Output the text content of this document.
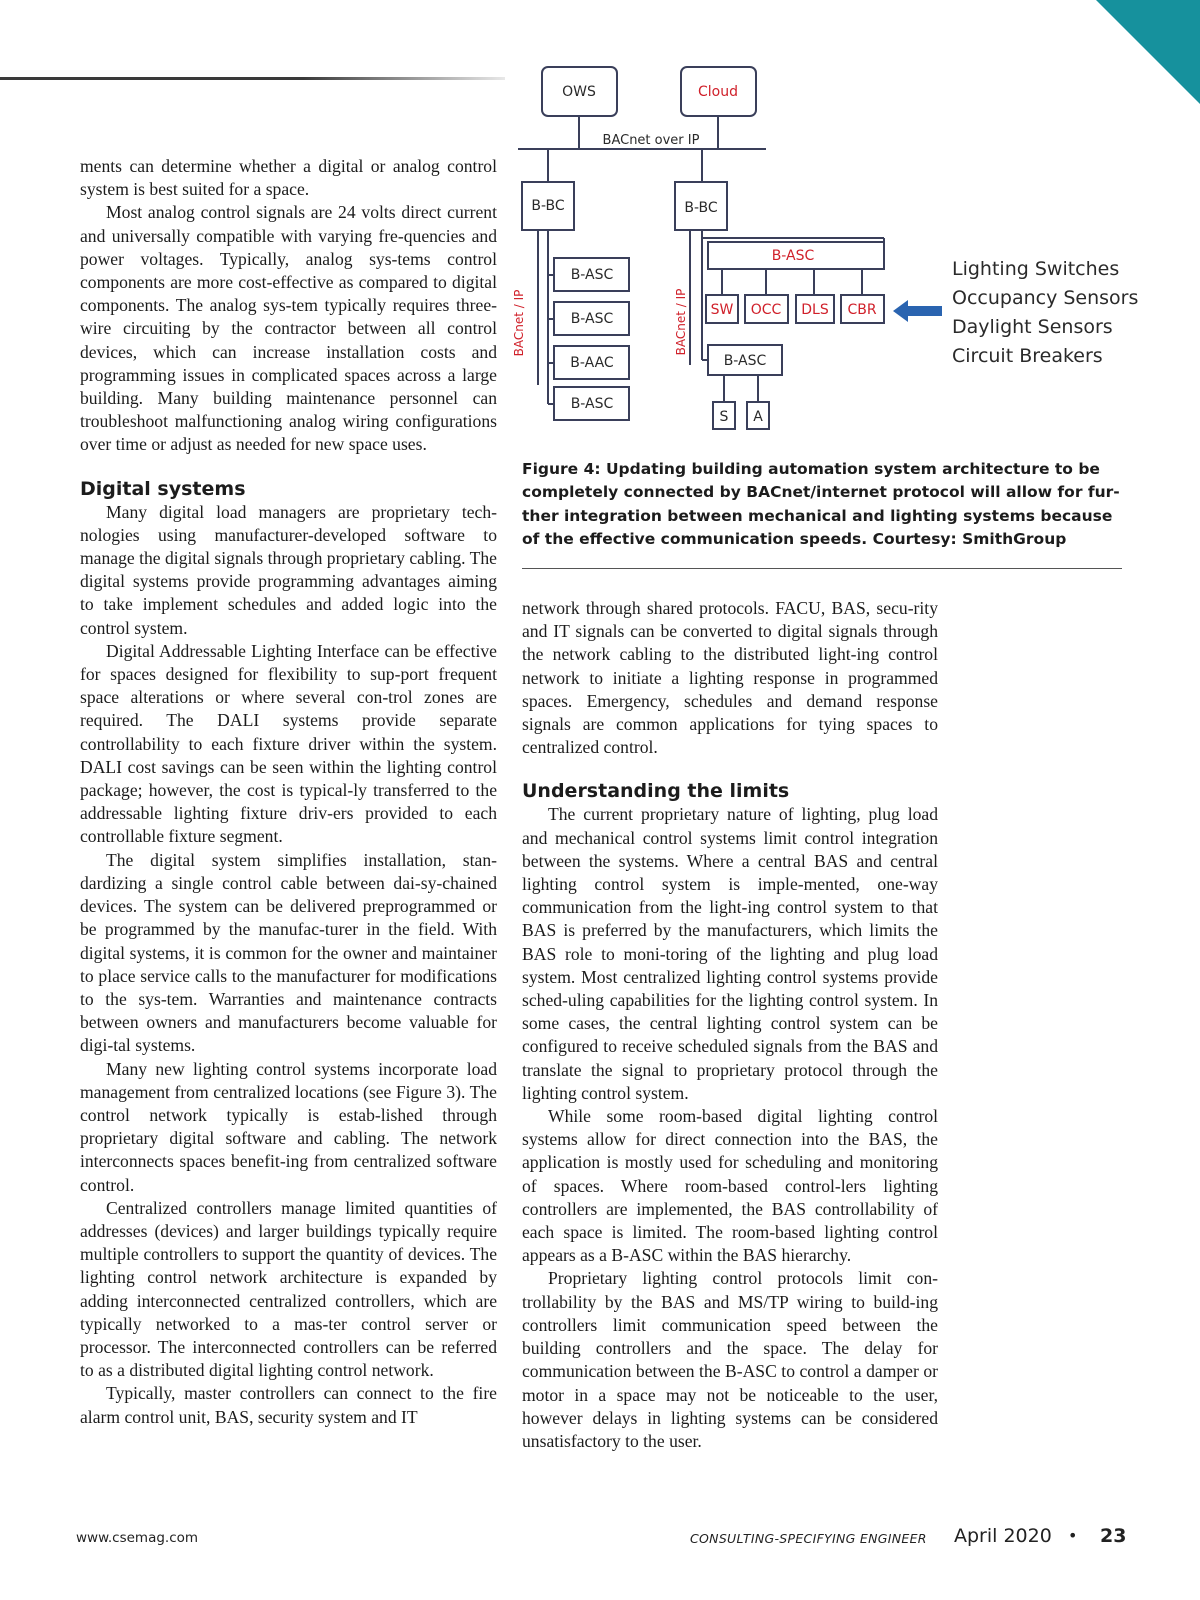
OWS	Cloud
BACnet over IP
B-BC	B-BC
B-ASC
B-ASC
B-AAC
B-ASC
B-ASC
SW OCC DLS CBR
B-ASC
S A
BACnet / IP	BACnet / IP
Lighting Switches
Occupancy Sensors
Daylight Sensors
Circuit Breakers
Figure 4: Updating building automation system architecture to be completely connected by BACnet/internet protocol will allow for fur-ther integration between mechanical and lighting systems because of the effective communication speeds. Courtesy: SmithGroup

ments can determine whether a digital or analog control system is best suited for a space.

Most analog control signals are 24 volts direct current and universally compatible with varying fre-quencies and power voltages. Typically, analog sys-tems control components are more cost-effective as compared to digital components. The analog sys-tem typically requires three-wire circuiting by the contractor between all control devices, which can increase installation costs and programming issues in complicated spaces across a large building. Many building maintenance personnel can troubleshoot malfunctioning analog wiring configurations over time or adjust as needed for new space uses.

Digital systems

Many digital load managers are proprietary tech-nologies using manufacturer-developed software to manage the digital signals through proprietary cabling. The digital systems provide programming advantages aiming to take implement schedules and added logic into the control system.

Digital Addressable Lighting Interface can be effective for spaces designed for flexibility to sup-port frequent space alterations or where several con-trol zones are required. The DALI systems provide separate controllability to each fixture driver within the system. DALI cost savings can be seen within the lighting control package; however, the cost is typical-ly transferred to the addressable lighting fixture driv-ers provided to each controllable fixture segment.

The digital system simplifies installation, stan-dardizing a single control cable between dai-sy-chained devices. The system can be delivered preprogrammed or be programmed by the manufac-turer in the field. With digital systems, it is common for the owner and maintainer to place service calls to the manufacturer for modifications to the sys-tem. Warranties and maintenance contracts between owners and manufacturers become valuable for digi-tal systems.

Many new lighting control systems incorporate load management from centralized locations (see Figure 3). The control network typically is estab-lished through proprietary digital software and cabling. The network interconnects spaces benefit-ing from centralized software control.

Centralized controllers manage limited quantities of addresses (devices) and larger buildings typically require multiple controllers to support the quantity of devices. The lighting control network architecture is expanded by adding interconnected centralized controllers, which are typically networked to a mas-ter control server or processor. The interconnected controllers can be referred to as a distributed digital lighting control network.

Typically, master controllers can connect to the fire alarm control unit, BAS, security system and IT

network through shared protocols. FACU, BAS, secu-rity and IT signals can be converted to digital signals through the network cabling to the distributed light-ing control network to initiate a lighting response in programmed spaces. Emergency, schedules and demand response signals are common applications for tying spaces to centralized control.

Understanding the limits

The current proprietary nature of lighting, plug load and mechanical control systems limit control integration between the systems. Where a central BAS and central lighting control system is imple-mented, one-way communication from the light-ing control system to that BAS is preferred by the manufacturers, which limits the BAS role to moni-toring of the lighting and plug load system. Most centralized lighting control systems provide sched-uling capabilities for the lighting control system. In some cases, the central lighting control system can be configured to receive scheduled signals from the BAS and translate the signal to proprietary protocol through the lighting control system.

While some room-based digital lighting control systems allow for direct connection into the BAS, the application is mostly used for scheduling and monitoring of spaces. Where room-based control-lers lighting controllers are implemented, the BAS controllability of each space is limited. The room-based lighting control appears as a B-ASC within the BAS hierarchy.

Proprietary lighting control protocols limit con-trollability by the BAS and MS/TP wiring to build-ing controllers limit communication speed between the building controllers and the space. The delay for communication between the B-ASC to control a damper or motor in a space may not be noticeable to the user, however delays in lighting systems can be considered unsatisfactory to the user.

www.csemag.com	CONSULTING-SPECIFYING ENGINEER April 2020 • 23
